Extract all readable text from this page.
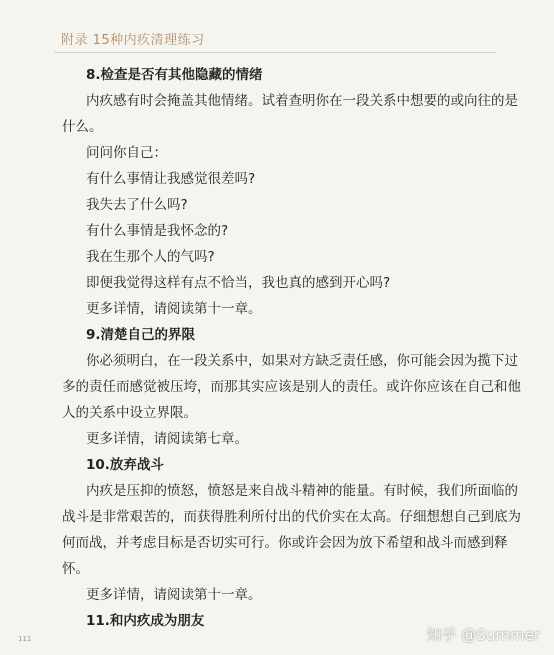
附录 15种内疚清理练习
8.检查是否有其他隐藏的情绪
内疚感有时会掩盖其他情绪。试着查明你在一段关系中想要的或向往的是
什么。
问问你自己：
有什么事情让我感觉很差吗?
我失去了什么吗?
有什么事情是我怀念的?
我在生那个人的气吗?
即便我觉得这样有点不恰当，我也真的感到开心吗?
更多详情，请阅读第十一章。
9.清楚自己的界限
你必须明白，在一段关系中，如果对方缺乏责任感，你可能会因为揽下过
多的责任而感觉被压垮，而那其实应该是别人的责任。或许你应该在自己和他
人的关系中设立界限。
更多详情，请阅读第七章。
10.放弃战斗
内疚是压抑的愤怒，愤怒是来自战斗精神的能量。有时候，我们所面临的
战斗是非常艰苦的，而获得胜利所付出的代价实在太高。仔细想想自己到底为
何而战，并考虑目标是否切实可行。你或许会因为放下希望和战斗而感到释
怀。
更多详情，请阅读第十一章。
11.和内疚成为朋友
111	知乎 @Summer
